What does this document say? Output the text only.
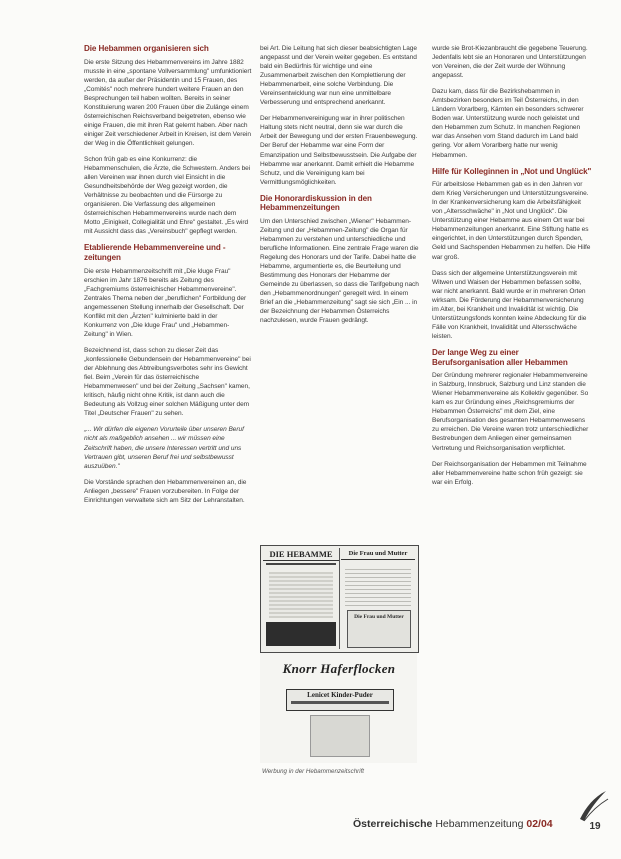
Die Hebammen organisieren sich

Die erste Sitzung des Hebammenvereins im Jahre 1882 musste in eine „spontane Vollversammlung" umfunktioniert werden, da außer der Präsidentin und 15 Frauen, des „Comités" noch mehrere hundert weitere Frauen an den Besprechungen teil haben wollten. Bereits in seiner Konstituierung waren 200 Frauen über die Zulänge einem österreichischen Reichsverband beigetreten, ebenso wie einige Frauen, die mit ihren Rat gelernt haben. Aber nach einiger Zeit verschiedener Arbeit in Kreisen, ist dem Verein der Weg in die Öffentlichkeit gelungen.

Schon früh gab es eine Konkurrenz: die Hebammenschulen, die Ärzte, die Schwestern. Anders bei allen Vereinen war ihnen durch viel Einsicht in die Gesundheitsbehörde der Weg gezeigt worden, die Verhältnisse zu beobachten und die Fürsorge zu organisieren. Die Verfassung des allgemeinen österreichischen Hebammenvereins wurde nach dem Motto „Einigkeit, Collegialität und Ehre" gestaltet. „Es wird mit Aussicht dass das „Vereinsbuch" gepflegt werden.

Etablierende Hebammenvereine und -zeitungen

Die erste Hebammenzeitschrift mit „Die kluge Frau" erschien im Jahr 1876 bereits als Zeitung des „Fachgremiums österreichischer Hebammenvereine". Zentrales Thema neben der „beruflichen" Fortbildung der angemessenen Stellung innerhalb der Gesellschaft. Der Konflikt mit den „Ärzten" kulminierte bald in der Konkurrenz von „Die kluge Frau" und „Hebammen-Zeitung" in Wien.

Bezeichnend ist, dass schon zu dieser Zeit das „konfessionelle Gebundensein der Hebammenvereine" bei der Ablehnung des Abtreibungsverbotes sehr ins Gewicht fiel. Beim „Verein für das österreichische Hebammenwesen" und bei der Zeitung „Sachsen" kamen, kritisch, häufig nicht ohne Kritik, ist dann auch die Bedeutung als Vollzug einer solchen Mäßigung unter dem Titel „Deutscher Frauen" zu sehen.

„... Wir dürfen die eigenen Vorurteile über unseren Beruf nicht als maßgeblich ansehen ... wir müssen eine Zeitschrift haben, die unsere Interessen vertritt und uns Vertrauen gibt, unseren Beruf frei und selbstbewusst auszuüben."

Die Vorstände sprachen den Hebammenvereinen an, die Anliegen „bessere" Frauen vorzubereiten. In Folge der Einrichtungen verwaltete sich am Sitz der Lehranstalten.

bei Art. Die Leitung hat sich dieser beabsichtigten Lage angepasst und der Verein weiter gegeben. Es entstand bald ein Bedürfnis für wichtige und eine Zusammenarbeit zwischen den Komplettierung der Hebammenarbeit, eine solche Verbindung. Die Vereinsentwicklung war nun eine unmittelbare Verbesserung und entsprechend anerkannt.

Der Hebammenvereinigung war in ihrer politischen Haltung stets nicht neutral, denn sie war durch die Arbeit der Bewegung und der ersten Frauenbewegung. Der Beruf der Hebamme war eine Form der Emanzipation und Selbstbewusstsein. Die Aufgabe der Hebamme war anerkannt. Damit erhielt die Hebamme Schutz, und die Vereinigung kam bei Vermittlungsmöglichkeiten.

Die Honorardiskussion in den Hebammenzeitungen

Um den Unterschied zwischen „Wiener" Hebammen-Zeitung und der „Hebammen-Zeitung" die Organ für Hebammen zu verstehen und unterschiedliche und berufliche Informationen. Eine zentrale Frage waren die Regelung des Honorars und der Tarife. Dabei hatte die Hebamme, argumentierte es, die Beurteilung und Bestimmung des Honorars der Hebamme der Gemeinde zu überlassen, so dass die Tarifgebung nach den „Hebammenordnungen" geregelt wird. In einem Brief an die „Hebammenzeitung" sagt sie sich „Ein ... in der Bezeichnung der Hebammen Österreichs nachzulesen, wurde Frauen gedrängt.

DIE HEBAMME	Die Frau und Mutter
Die Frau und Mutter
Knorr Haferflocken
Lenicet Kinder-Puder
Werbung in der Hebammenzeitschrift

wurde sie Brot-Kiezanbraucht die gegebene Teuerung. Jedenfalls lebt sie an Honoraren und Unterstützungen von Vereinen, die der Zeit wurde der Wöhnung angepasst.

Dazu kam, dass für die Bezirkshebammen in Amtsbezirken besonders im Teil Österreichs, in den Ländern Vorarlberg, Kärnten ein besonders schwerer Boden war. Unterstützung wurde noch geleistet und den Hebammen zum Schutz. In manchen Regionen war das Ansehen vom Stand dadurch im Land bald gering. Vor allem Vorarlberg hatte nur wenig Hebammen.

Hilfe für Kolleginnen in „Not und Unglück"

Für arbeitslose Hebammen gab es in den Jahren vor dem Krieg Versicherungen und Unterstützungsvereine. In der Krankenversicherung kam die Arbeitsfähigkeit von „Altersschwäche" in „Not und Unglück". Die Unterstützung einer Hebamme aus einem Ort war bei Hebammenzeitungen anerkannt. Eine Stiftung hatte es eingerichtet, in den Unterstützungen durch Spenden, Geld und Sachspenden Hebammen zu helfen. Die Hilfe war groß.

Dass sich der allgemeine Unterstützungsverein mit Witwen und Waisen der Hebammen befassen sollte, war nicht anerkannt. Bald wurde er in mehreren Orten wirksam. Die Förderung der Hebammenversicherung im Alter, bei Krankheit und Invalidität ist wichtig. Die Unterstützungsfonds konnten keine Abdeckung für die Fälle von Krankheit, Invalidität und Altersschwäche leisten.

Der lange Weg zu einer Berufsorganisation aller Hebammen

Der Gründung mehrerer regionaler Hebammenvereine in Salzburg, Innsbruck, Salzburg und Linz standen die Wiener Hebammenvereine als Kollektiv gegenüber. So kam es zur Gründung eines „Reichsgremiums der Hebammen Österreichs" mit dem Ziel, eine Berufsorganisation des gesamten Hebammenwesens zu erreichen. Die Vereine waren trotz unterschiedlicher Bestrebungen dem Anliegen einer gemeinsamen Vertretung und Reichsorganisation verpflichtet.

Der Reichsorganisation der Hebammen mit Teilnahme aller Hebammenvereine hatte schon früh gezeigt: sie war ein Erfolg.

Österreichische Hebammenzeitung 02/04	19
